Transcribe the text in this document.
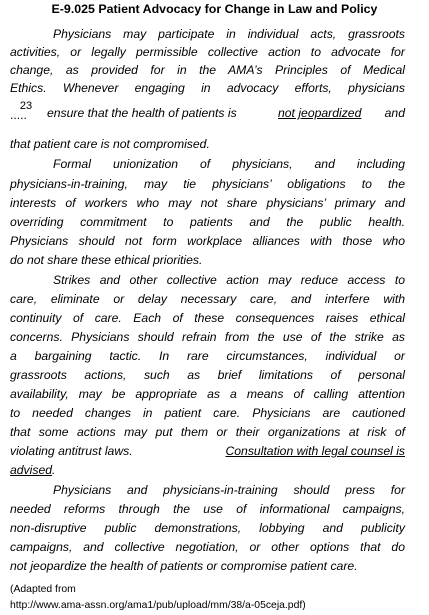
E-9.025 Patient Advocacy for Change in Law and Policy
Physicians may participate in individual acts, grassroots
activities, or legally permissible collective action to advocate for
change, as provided for in the AMA’s Principles of Medical
Ethics. Whenever engaging in advocacy efforts, physicians
23
..... ensure that the health of patients is	not jeopardized and
that patient care is not compromised.
Formal unionization of physicians, and including
physicians-in-training, may tie physicians’ obligations to the
interests of workers who may not share physicians’ primary and
overriding commitment to patients and the public health.
Physicians should not form workplace alliances with those who
do not share these ethical priorities.
Strikes and other collective action may reduce access to
care, eliminate or delay necessary care, and interfere with
continuity of care. Each of these consequences raises ethical
concerns. Physicians should refrain from the use of the strike as
a bargaining tactic. In rare circumstances, individual or
grassroots actions, such as brief limitations of personal
availability, may be appropriate as a means of calling attention
to needed changes in patient care. Physicians are cautioned
that some actions may put them or their organizations at risk of
violating antitrust laws.	Consultation with legal counsel is
advised.
Physicians and physicians-in-training should press for
needed reforms through the use of informational campaigns,
non-disruptive public demonstrations, lobbying and publicity
campaigns, and collective negotiation, or other options that do
not jeopardize the health of patients or compromise patient care.
(Adapted from
http://www.ama-assn.org/ama1/pub/upload/mm/38/a-05ceja.pdf)
